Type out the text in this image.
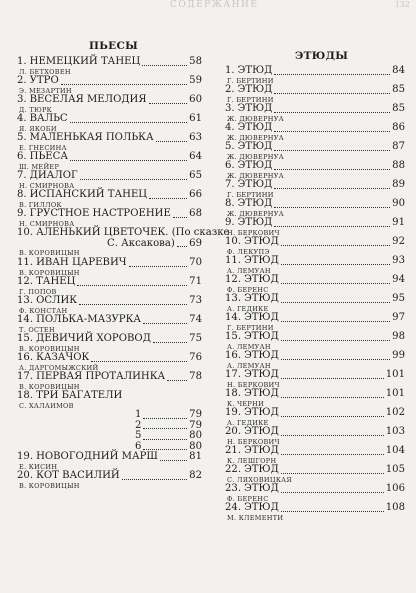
СОДЕРЖАНИЕ	132
ПЬЕСЫ
ЭТЮДЫ
1. НЕМЕЦКИЙ ТАНЕЦ	58
Л. БЕТХОВЕН
2. УТРО	59
Э. МЕЗАРТИН
3. ВЕСЕЛАЯ МЕЛОДИЯ	60
Д. ТЮРК
4. ВАЛЬС	61
Я. ЯКОБИ
5. МАЛЕНЬКАЯ ПОЛЬКА	63
Е. ГНЕСИНА
6. ПЬЕСА	64
Ш. МЕЙЕР
7. ДИАЛОГ	65
Н. СМИРНОВА
8. ИСПАНСКИЙ ТАНЕЦ	66
В. ГИЛЛОК
9. ГРУСТНОЕ НАСТРОЕНИЕ 68
Н. СМИРНОВА
10. АЛЕНЬКИЙ ЦВЕТОЧЕК. (По сказке
С. Аксакова) 69
В. КОРОВИЦЫН
11. ИВАН ЦАРЕВИЧ	70
В. КОРОВИЦЫН
12. ТАНЕЦ	71
Г. ПОПОВ
13. ОСЛИК	73
Ф. КОНСТАН
14. ПОЛЬКА-МАЗУРКА	74
Т. ОСТЕН
15. ДЕВИЧИЙ ХОРОВОД	75
В. КОРОВИЦЫН
16. КАЗАЧОК	76
А. ДАРГОМЫЖСКИЙ
17. ПЕРВАЯ ПРОТАЛИНКА 78
В. КОРОВИЦЫН
18. ТРИ БАГАТЕЛИ
С. ХАЛАИМОВ
1	79
2	79
5	80
6	80
19. НОВОГОДНИЙ МАРШ	81
Е. КИСИН
20. КОТ ВАСИЛИЙ	82
В. КОРОВИЦЫН
1. ЭТЮД	84
Г. БЕРТИНИ
2. ЭТЮД	85
Г. БЕРТИНИ
3. ЭТЮД	85
Ж. ДЮВЕРНУА
4. ЭТЮД	86
Ж. ДЮВЕРНУА
5. ЭТЮД	87
Ж. ДЮВЕРНУА
6. ЭТЮД	88
Ж. ДЮВЕРНУА
7. ЭТЮД	89
Г. БЕРТИНИ
8. ЭТЮД	90
Ж. ДЮВЕРНУА
9. ЭТЮД	91
Н. БЕРКОВИЧ
10. ЭТЮД	92
Ф. ЛЕКУПЭ
11. ЭТЮД	93
А. ЛЕМУАН
12. ЭТЮД	94
Ф. БЕРЕНС
13. ЭТЮД	95
А. ГЕДИКЕ
14. ЭТЮД	97
Г. БЕРТИНИ
15. ЭТЮД	98
А. ЛЕМУАН
16. ЭТЮД	99
А. ЛЕМУАН
17. ЭТЮД	101
Н. БЕРКОВИЧ
18. ЭТЮД	101
К. ЧЕРНИ
19. ЭТЮД	102
А. ГЕДИКЕ
20. ЭТЮД	103
Н. БЕРКОВИЧ
21. ЭТЮД	104
К. ЛЕШГОРН
22. ЭТЮД	105
С. ЛЯХОВИЦКАЯ
23. ЭТЮД	106
Ф. БЕРЕНС
24. ЭТЮД	108
М. КЛЕМЕНТИ
